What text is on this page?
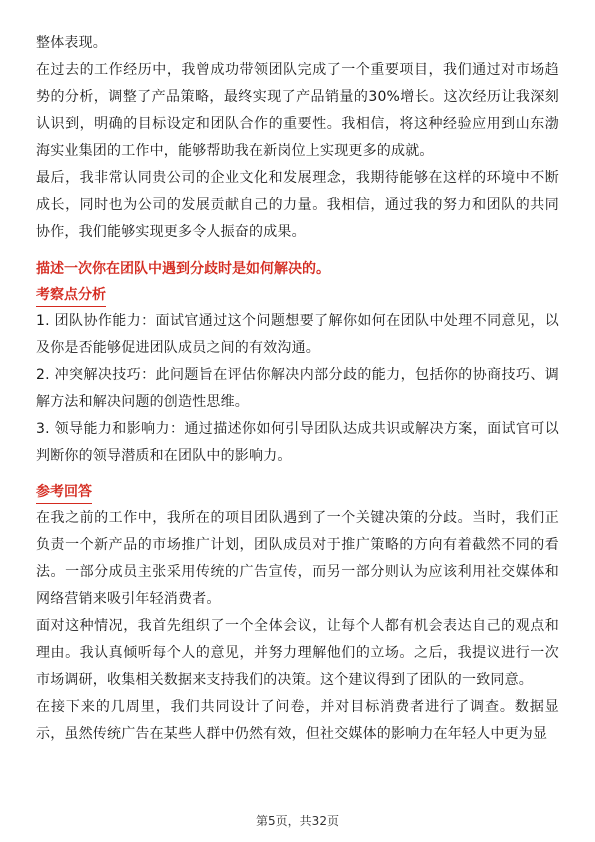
整体表现。

在过去的工作经历中，我曾成功带领团队完成了一个重要项目，我们通过对市场趋势的分析，调整了产品策略，最终实现了产品销量的30%增长。这次经历让我深刻认识到，明确的目标设定和团队合作的重要性。我相信，将这种经验应用到山东渤海实业集团的工作中，能够帮助我在新岗位上实现更多的成就。

最后，我非常认同贵公司的企业文化和发展理念，我期待能够在这样的环境中不断成长，同时也为公司的发展贡献自己的力量。我相信，通过我的努力和团队的共同协作，我们能够实现更多令人振奋的成果。

描述一次你在团队中遇到分歧时是如何解决的。

考察点分析

1. 团队协作能力：面试官通过这个问题想要了解你如何在团队中处理不同意见，以及你是否能够促进团队成员之间的有效沟通。

2. 冲突解决技巧：此问题旨在评估你解决内部分歧的能力，包括你的协商技巧、调解方法和解决问题的创造性思维。

3. 领导能力和影响力：通过描述你如何引导团队达成共识或解决方案，面试官可以判断你的领导潜质和在团队中的影响力。

参考回答

在我之前的工作中，我所在的项目团队遇到了一个关键决策的分歧。当时，我们正负责一个新产品的市场推广计划，团队成员对于推广策略的方向有着截然不同的看法。一部分成员主张采用传统的广告宣传，而另一部分则认为应该利用社交媒体和网络营销来吸引年轻消费者。

面对这种情况，我首先组织了一个全体会议，让每个人都有机会表达自己的观点和理由。我认真倾听每个人的意见，并努力理解他们的立场。之后，我提议进行一次市场调研，收集相关数据来支持我们的决策。这个建议得到了团队的一致同意。

在接下来的几周里，我们共同设计了问卷，并对目标消费者进行了调查。数据显示，虽然传统广告在某些人群中仍然有效，但社交媒体的影响力在年轻人中更为显

第5页，共32页
